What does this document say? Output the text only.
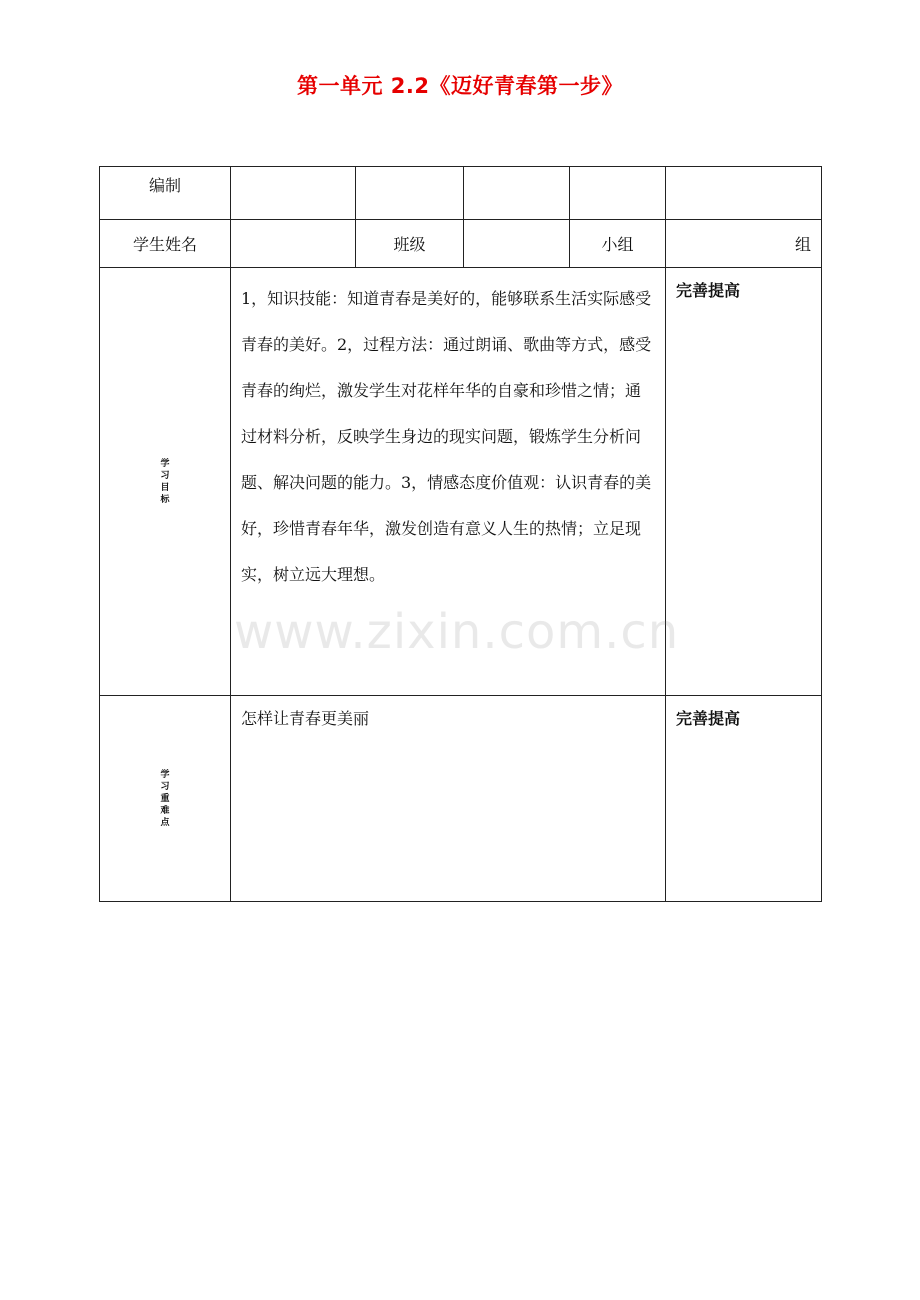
第一单元 2.2《迈好青春第一步》
编制					
学生姓名		班级		小组	组

学习目标	1，知识技能：知道青春是美好的，能够联系生活实际感受青春的美好。2，过程方法：通过朗诵、歌曲等方式，感受青春的绚烂，激发学生对花样年华的自豪和珍惜之情；通过材料分析，反映学生身边的现实问题，锻炼学生分析问题、解决问题的能力。3，情感态度价值观：认识青春的美好，珍惜青春年华，激发创造有意义人生的热情；立足现实，树立远大理想。				完善提高

学习重难点	怎样让青春更美丽				完善提高
www.zixin.com.cn
